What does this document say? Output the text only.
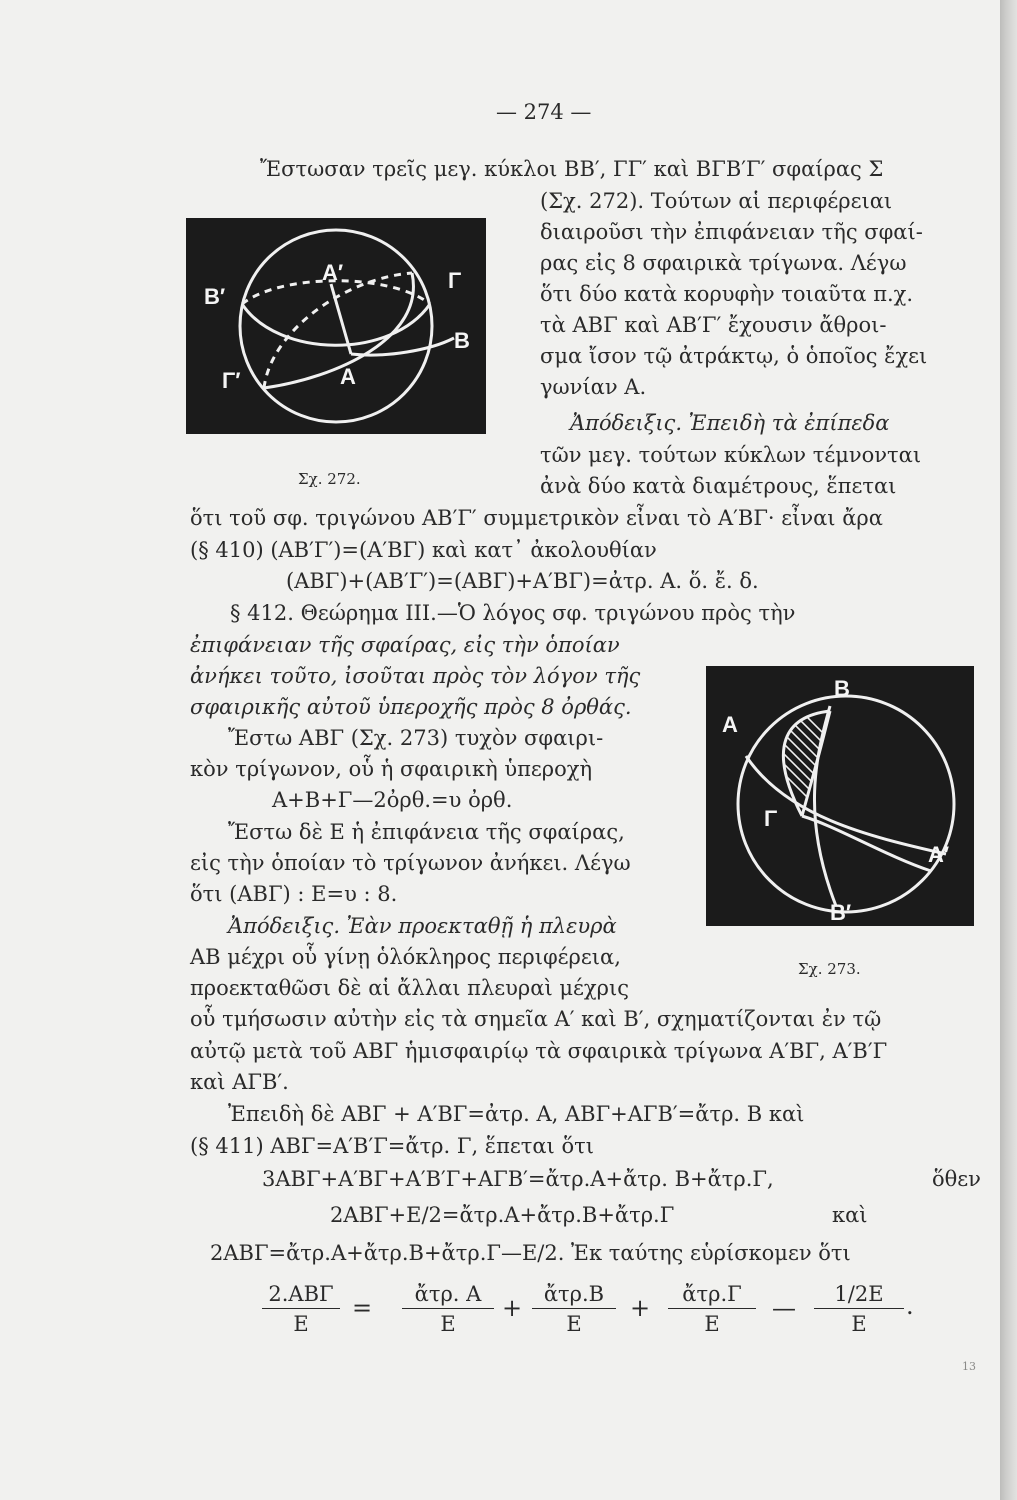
— 274 —
Β′
Α′	Γ
Β
Γ′	Α
Σχ. 272.
Β
Α
Γ
Α′
Β′
Σχ. 273.
Ἔστωσαν τρεῖς μεγ. κύκλοι ΒΒ′, ΓΓ′ καὶ ΒΓΒ′Γ′ σφαίρας Σ
(Σχ. 272). Τούτων αἱ περιφέρειαι
διαιροῦσι τὴν ἐπιφάνειαν τῆς σφαί-
ρας εἰς 8 σφαιρικὰ τρίγωνα. Λέγω
ὅτι δύο κατὰ κορυφὴν τοιαῦτα π.χ.
τὰ ΑΒΓ καὶ ΑΒ′Γ′ ἔχουσιν ἄθροι-
σμα ἴσον τῷ ἀτράκτῳ, ὁ ὁποῖος ἔχει
γωνίαν Α.
Ἀπόδειξις. Ἐπειδὴ τὰ ἐπίπεδα
τῶν μεγ. τούτων κύκλων τέμνονται
ἀνὰ δύο κατὰ διαμέτρους, ἕπεται
ὅτι τοῦ σφ. τριγώνου ΑΒ′Γ′ συμμετρικὸν εἶναι τὸ Α′ΒΓ· εἶναι ἄρα
(§ 410) (ΑΒ′Γ′)=(Α′ΒΓ) καὶ κατ᾽ ἀκολουθίαν
(ΑΒΓ)+(ΑΒ′Γ′)=(ΑΒΓ)+Α′ΒΓ)=ἀτρ. Α. ὅ. ἔ. δ.
§ 412. Θεώρημα ΙΙΙ.—Ὁ λόγος σφ. τριγώνου πρὸς τὴν
ἐπιφάνειαν τῆς σφαίρας, εἰς τὴν ὁποίαν
ἀνήκει τοῦτο, ἰσοῦται πρὸς τὸν λόγον τῆς
σφαιρικῆς αὐτοῦ ὑπεροχῆς πρὸς 8 ὀρθάς.
Ἔστω ΑΒΓ (Σχ. 273) τυχὸν σφαιρι-
κὸν τρίγωνον, οὗ ἡ σφαιρικὴ ὑπεροχὴ
Α+Β+Γ—2ὀρθ.=υ ὀρθ.
Ἔστω δὲ Ε ἡ ἐπιφάνεια τῆς σφαίρας,
εἰς τὴν ὁποίαν τὸ τρίγωνον ἀνήκει. Λέγω
ὅτι (ΑΒΓ) : Ε=υ : 8.
Ἀπόδειξις. Ἐὰν προεκταθῇ ἡ πλευρὰ
ΑΒ μέχρι οὗ γίνῃ ὁλόκληρος περιφέρεια,
προεκταθῶσι δὲ αἱ ἄλλαι πλευραὶ μέχρις
οὗ τμήσωσιν αὐτὴν εἰς τὰ σημεῖα Α′ καὶ Β′, σχηματίζονται ἐν τῷ
αὐτῷ μετὰ τοῦ ΑΒΓ ἡμισφαιρίῳ τὰ σφαιρικὰ τρίγωνα Α′ΒΓ, Α′Β′Γ
καὶ ΑΓΒ′.
Ἐπειδὴ δὲ ΑΒΓ + Α′ΒΓ=ἀτρ. Α, ΑΒΓ+ΑΓΒ′=ἄτρ. Β καὶ
(§ 411) ΑΒΓ=Α′Β′Γ=ἄτρ. Γ, ἕπεται ὅτι
3ΑΒΓ+Α′ΒΓ+Α′Β′Γ+ΑΓΒ′=ἄτρ.Α+ἄτρ. Β+ἄτρ.Γ,	ὅθεν
2ΑΒΓ+Ε/2=ἄτρ.Α+ἄτρ.Β+ἄτρ.Γ	καὶ
2ΑΒΓ=ἄτρ.Α+ἄτρ.Β+ἄτρ.Γ—Ε/2. Ἐκ ταύτης εὑρίσκομεν ὅτι
2.ΑΒΓ
Ε
=	ἄτρ. Α
Ε
+	ἄτρ.Β
Ε
+	ἄτρ.Γ
Ε
— $\frac{1/2E}{E}$ .
13
